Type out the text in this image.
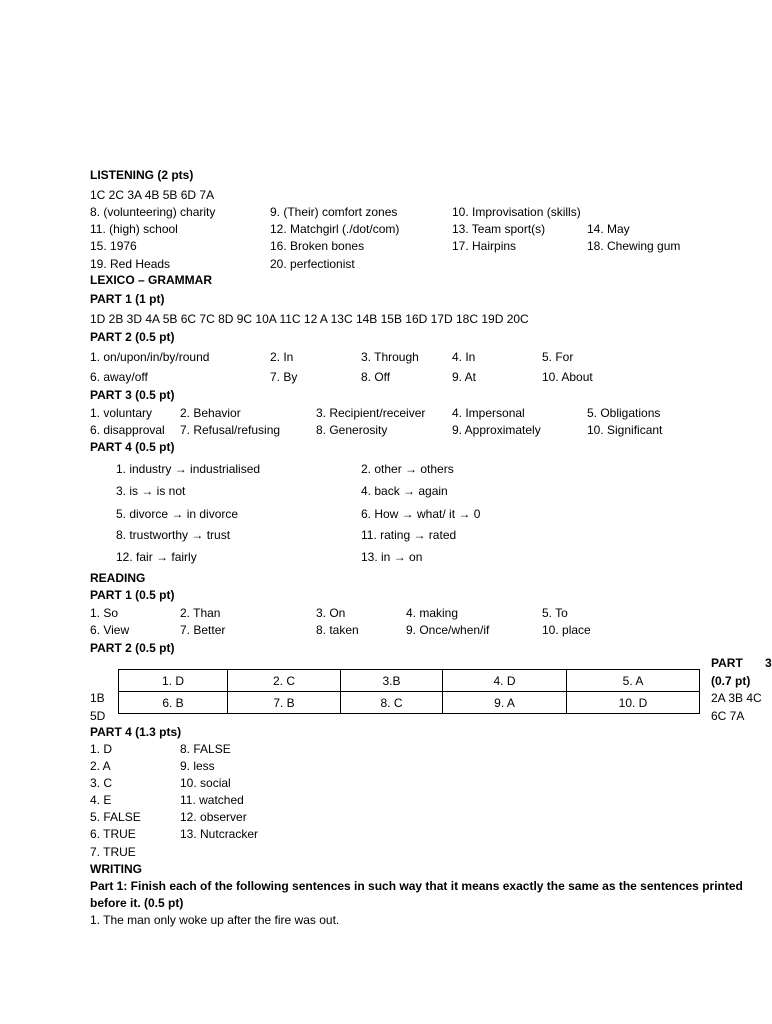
LISTENING (2 pts)
1C 2C 3A 4B 5B 6D 7A
8. (volunteering) charity	9. (Their) comfort zones	10. Improvisation (skills)
11. (high) school	12. Matchgirl (./dot/com)	13. Team sport(s)	14. May
15. 1976	16. Broken bones	17. Hairpins	18. Chewing gum
19. Red Heads	20. perfectionist
LEXICO – GRAMMAR
PART 1 (1 pt)
1D 2B 3D 4A 5B 6C 7C 8D 9C 10A 11C 12 A 13C 14B 15B 16D 17D 18C 19D 20C
PART 2 (0.5 pt)
1. on/upon/in/by/round	2. In	3. Through	4. In	5. For
6. away/off	7. By	8. Off	9. At	10. About
PART 3 (0.5 pt)
1. voluntary 2. Behavior	3. Recipient/receiver 4. Impersonal	5. Obligations
6. disapproval 7. Refusal/refusing	8. Generosity	9. Approximately	10. Significant
PART 4 (0.5 pt)
1. industry → industrialised	2. other → others
3. is → is not	4. back → again
5. divorce → in divorce	6. How → what/ it → 0
8. trustworthy → trust	11. rating → rated
12. fair → fairly	13. in → on
READING
PART 1 (0.5 pt)
1. So	2. Than	3. On	4. making	5. To
6. View	7. Better	8. taken	9. Once/when/if	10. place
PART 2 (0.5 pt)
1. D	2. C	3.B	4. D	5. A
6. B	7. B	8. C	9. A	10. D
1B
5D
PART 3
(0.7 pt)
2A 3B 4C
6C 7A
PART 4 (1.3 pts)
1. D
2. A
3. C
4. E
5. FALSE
6. TRUE
7. TRUE
8. FALSE
9. less
10. social
11. watched
12. observer
13. Nutcracker
WRITING
Part 1: Finish each of the following sentences in such way that it means exactly the same as the sentences printed
before it. (0.5 pt)
1. The man only woke up after the fire was out.
